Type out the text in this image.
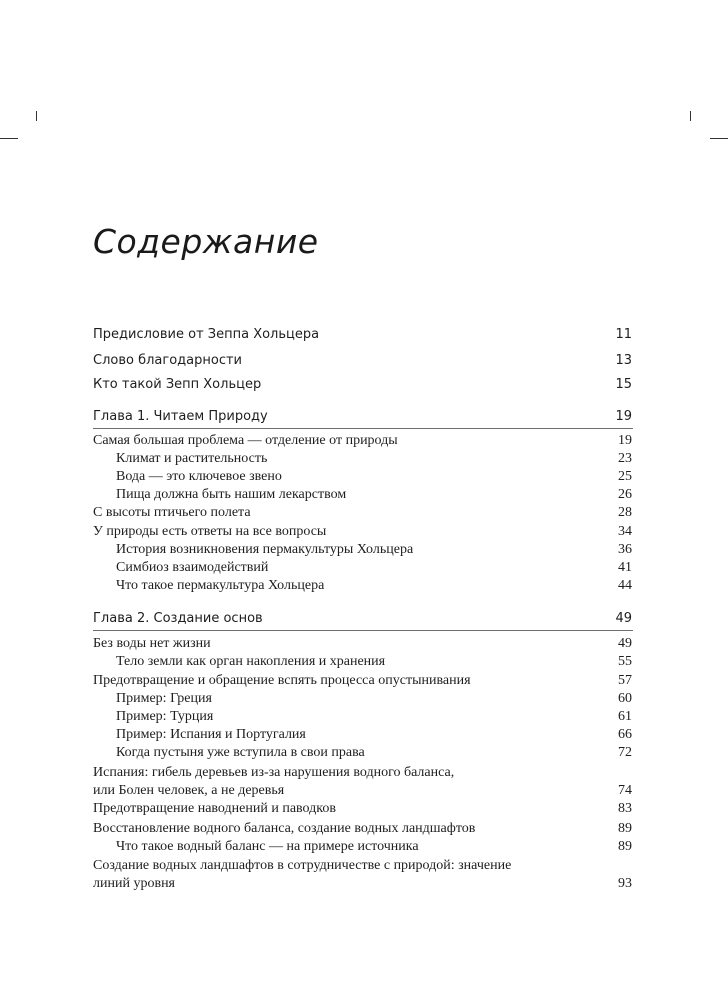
Содержание
Предисловие от Зеппа Хольцера	11
Слово благодарности	13
Кто такой Зепп Хольцер	15
Глава 1. Читаем Природу	19
Самая большая проблема — отделение от природы	19
Климат и растительность	23
Вода — это ключевое звено	25
Пища должна быть нашим лекарством	26
С высоты птичьего полета	28
У природы есть ответы на все вопросы	34
История возникновения пермакультуры Хольцера	36
Симбиоз взаимодействий	41
Что такое пермакультура Хольцера	44
Глава 2. Создание основ	49
Без воды нет жизни	49
Тело земли как орган накопления и хранения	55
Предотвращение и обращение вспять процесса опустынивания	57
Пример: Греция	60
Пример: Турция	61
Пример: Испания и Португалия	66
Когда пустыня уже вступила в свои права	72
Испания: гибель деревьев из-за нарушения водного баланса,
или Болен человек, а не деревья	74
Предотвращение наводнений и паводков	83
Восстановление водного баланса, создание водных ландшафтов	89
Что такое водный баланс — на примере источника	89
Создание водных ландшафтов в сотрудничестве с природой: значение
линий уровня	93
